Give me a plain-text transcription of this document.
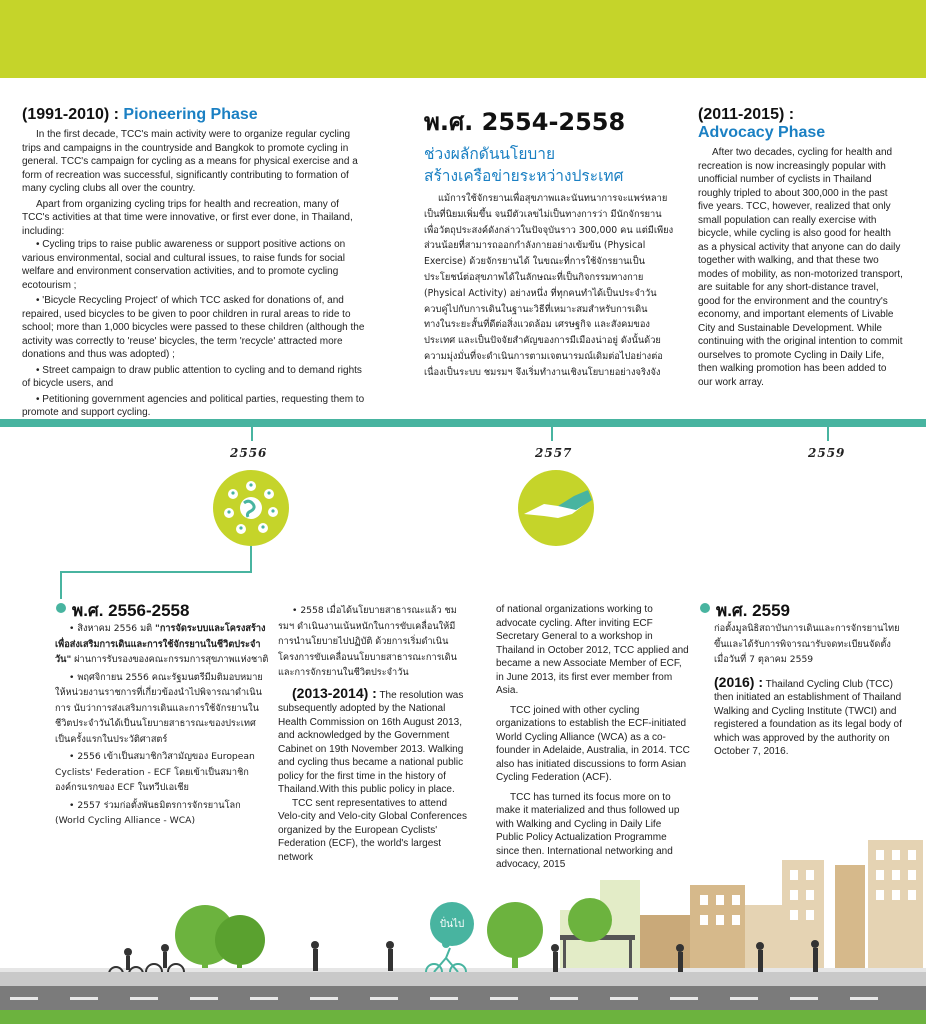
(1991-2010) : Pioneering Phase

In the first decade, TCC's main activity were to organize regular cycling trips and campaigns in the countryside and Bangkok to promote cycling in general. TCC's campaign for cycling as a means for physical exercise and a form of recreation was successful, significantly contributing to formation of many cycling clubs all over the country.

Apart from organizing cycling trips for health and recreation, many of TCC's activities at that time were innovative, or first ever done, in Thailand, including:

• Cycling trips to raise public awareness or support positive actions on various environmental, social and cultural issues, to raise funds for social welfare and environment conservation activities, and to promote cycling ecotourism ;

• 'Bicycle Recycling Project' of which TCC asked for donations of, and repaired, used bicycles to be given to poor children in rural areas to ride to school; more than 1,000 bicycles were passed to these children (although the activity was correctly to 'reuse' bicycles, the term 'recycle' attracted more donations and thus was adopted) ;

• Street campaign to draw public attention to cycling and to demand rights of bicycle users, and

• Petitioning government agencies and political parties, requesting them to promote and support cycling.

พ.ศ. 2554-2558
ช่วงผลักดันนโยบาย
สร้างเครือข่ายระหว่างประเทศ

แม้การใช้จักรยานเพื่อสุขภาพและนันทนาการจะแพร่หลายเป็นที่นิยมเพิ่มขึ้น จนมีตัวเลขไม่เป็นทางการว่า มีนักจักรยานเพื่อวัตถุประสงค์ดังกล่าวในปัจจุบันราว 300,000 คน แต่มีเพียงส่วนน้อยที่สามารถออกกำลังกายอย่างเข้มข้น (Physical Exercise) ด้วยจักรยานได้ ในขณะที่การใช้จักรยานเป็นประโยชน์ต่อสุขภาพได้ในลักษณะที่เป็นกิจกรรมทางกาย (Physical Activity) อย่างหนึ่ง ที่ทุกคนทำได้เป็นประจำวันควบคู่ไปกับการเดินในฐานะวิธีที่เหมาะสมสำหรับการเดินทางในระยะสั้นที่ดีต่อสิ่งแวดล้อม เศรษฐกิจ และสังคมของประเทศ และเป็นปัจจัยสำคัญของการมีเมืองน่าอยู่ ดังนั้นด้วยความมุ่งมั่นที่จะดำเนินการตามเจตนารมณ์เดิมต่อไปอย่างต่อเนื่องเป็นระบบ ชมรมฯ จึงเริ่มทำงานเชิงนโยบายอย่างจริงจัง

(2011-2015) :
Advocacy Phase

After two decades, cycling for health and recreation is now increasingly popular with unofficial number of cyclists in Thailand roughly tripled to about 300,000 in the past five years. TCC, however, realized that only small population can really exercise with bicycle, while cycling is also good for health as a physical activity that anyone can do daily together with walking, and that these two modes of mobility, as non-motorized transport, are suitable for any short-distance travel, good for the environment and the country's economy, and important elements of Livable City and Sustainable Development. While continuing with the original intention to commit ourselves to promote Cycling in Daily Life, then walking promotion has been added to our work array.

2556	2557	2559
พ.ศ. 2556-2558

• สิงหาคม 2556 มติ "การจัดระบบและโครงสร้างเพื่อส่งเสริมการเดินและการใช้จักรยานในชีวิตประจำวัน" ผ่านการรับรองของคณะกรรมการสุขภาพแห่งชาติ

• พฤศจิกายน 2556 คณะรัฐมนตรีมีมติมอบหมายให้หน่วยงานราชการที่เกี่ยวข้องนำไปพิจารณาดำเนินการ นับว่าการส่งเสริมการเดินและการใช้จักรยานในชีวิตประจำวันได้เป็นนโยบายสาธารณะของประเทศเป็นครั้งแรกในประวัติศาสตร์

• 2556 เข้าเป็นสมาชิกวิสามัญของ European Cyclists' Federation - ECF โดยเข้าเป็นสมาชิกองค์กรแรกของ ECF ในทวีปเอเชีย

• 2557 ร่วมก่อตั้งพันธมิตรการจักรยานโลก (World Cycling Alliance - WCA)

• 2558 เมื่อได้นโยบายสาธารณะแล้ว ชมรมฯ ดำเนินงานเน้นหนักในการขับเคลื่อนให้มีการนำนโยบายไปปฏิบัติ ด้วยการเริ่มดำเนินโครงการขับเคลื่อนนโยบายสาธารณะการเดินและการจักรยานในชีวิตประจำวัน

(2013-2014) : The resolution was subsequently adopted by the National Health Commission on 16th August 2013, and acknowledged by the Government Cabinet on 19th November 2013. Walking and cycling thus became a national public policy for the first time in the history of Thailand.With this public policy in place.

TCC sent representatives to attend Velo-city and Velo-city Global Conferences organized by the European Cyclists' Federation (ECF), the world's largest network

of national organizations working to advocate cycling. After inviting ECF Secretary General to a workshop in Thailand in October 2012, TCC applied and became a new Associate Member of ECF, in June 2013, its first ever member from Asia.

TCC joined with other cycling organizations to establish the ECF-initiated World Cycling Alliance (WCA) as a co-founder in Adelaide, Australia, in 2014. TCC also has initiated discussions to form Asian Cycling Federation (ACF).

TCC has turned its focus more on to make it materialized and thus followed up with Walking and Cycling in Daily Life Public Policy Actualization Programme since then. International networking and advocacy, 2015

พ.ศ. 2559

ก่อตั้งมูลนิธิสถาบันการเดินและการจักรยานไทยขึ้นและได้รับการพิจารณารับจดทะเบียนจัดตั้งเมื่อวันที่ 7 ตุลาคม 2559

(2016) : Thailand Cycling Club (TCC) then initiated an establishment of Thailand Walking and Cycling Institute (TWCI) and registered a foundation as its legal body of which was approved by the authority on October 7, 2016.

ปั่นไป
